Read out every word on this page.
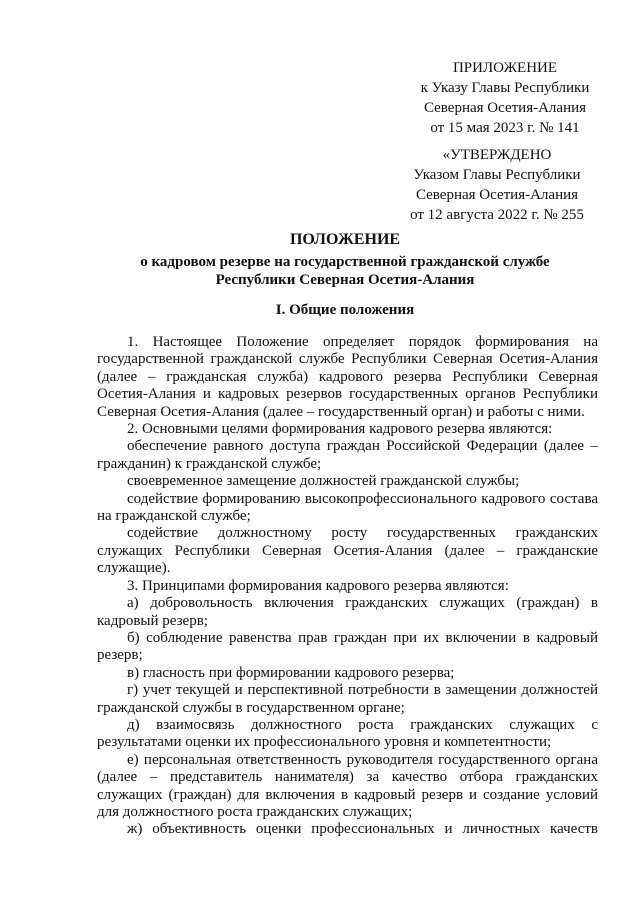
ПРИЛОЖЕНИЕ
к Указу Главы Республики
Северная Осетия-Алания
от 15 мая 2023 г. № 141
«УТВЕРЖДЕНО
Указом Главы Республики
Северная Осетия-Алания
от 12 августа 2022 г. № 255
ПОЛОЖЕНИЕ
о кадровом резерве на государственной гражданской службе
Республики Северная Осетия-Алания
I. Общие положения

1. Настоящее Положение определяет порядок формирования на государственной гражданской службе Республики Северная Осетия-Алания (далее – гражданская служба) кадрового резерва Республики Северная Осетия-Алания и кадровых резервов государственных органов Республики Северная Осетия-Алания (далее – государственный орган) и работы с ними.

2. Основными целями формирования кадрового резерва являются:

обеспечение равного доступа граждан Российской Федерации (далее – гражданин) к гражданской службе;

своевременное замещение должностей гражданской службы;

содействие формированию высокопрофессионального кадрового состава на гражданской службе;

содействие должностному росту государственных гражданских служащих Республики Северная Осетия-Алания (далее – гражданские служащие).

3. Принципами формирования кадрового резерва являются:

а) добровольность включения гражданских служащих (граждан) в кадровый резерв;

б) соблюдение равенства прав граждан при их включении в кадровый резерв;

в) гласность при формировании кадрового резерва;

г) учет текущей и перспективной потребности в замещении должностей гражданской службы в государственном органе;

д) взаимосвязь должностного роста гражданских служащих с результатами оценки их профессионального уровня и компетентности;

е) персональная ответственность руководителя государственного органа (далее – представитель нанимателя) за качество отбора гражданских служащих (граждан) для включения в кадровый резерв и создание условий для должностного роста гражданских служащих;

ж) объективность оценки профессиональных и личностных качеств
